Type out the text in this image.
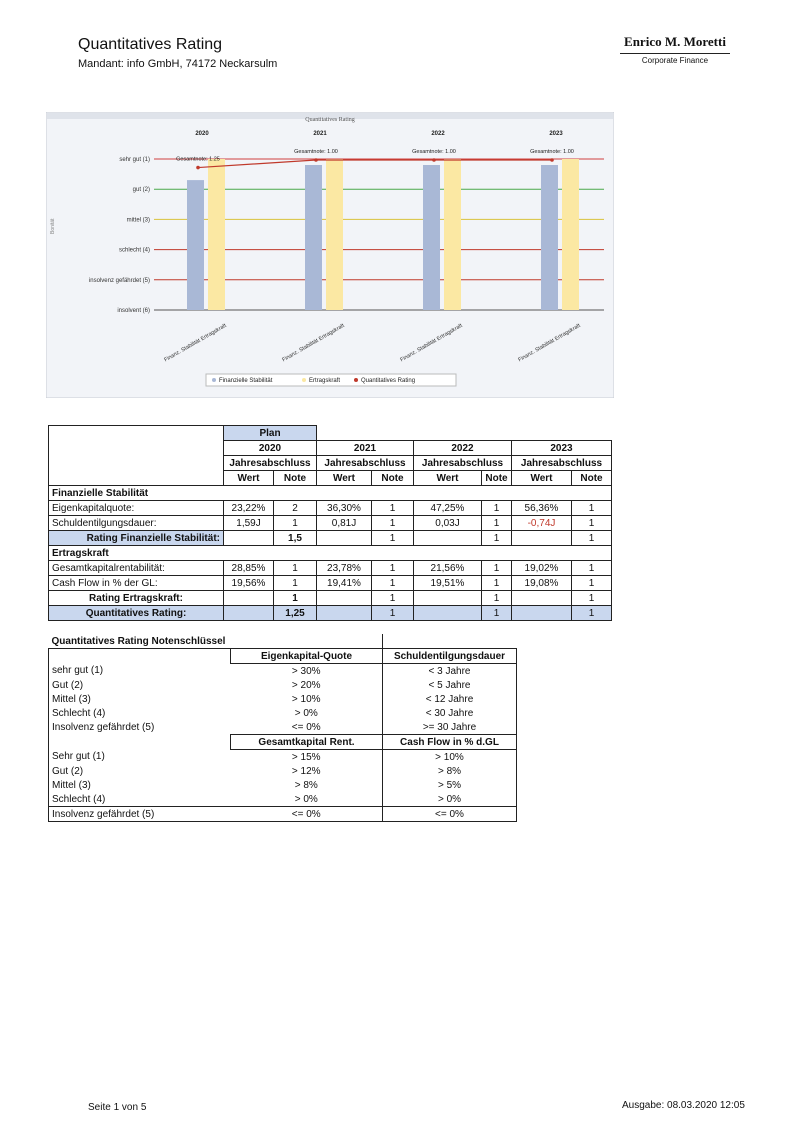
Quantitatives Rating
Mandant: info GmbH, 74172 Neckarsulm
Enrico M. Moretti
Corporate Finance
Quantitatives Rating
sehr gut (1)
gut (2)
mittel (3)
schlecht (4)
insolvenz gefährdet (5)
insolvent (6)
Bonität
2020
Gesamtnote: 1.25
Finanz. Stabilität Ertragskraft
2021
Gesamtnote: 1.00
Finanz. Stabilität Ertragskraft
2022
Gesamtnote: 1.00
Finanz. Stabilität Ertragskraft
2023
Gesamtnote: 1.00
Finanz. Stabilität Ertragskraft
Finanzielle Stabilität	Ertragskraft	Quantitatives Rating
	Plan							
	2020		2021		2022		2023	
	Jahresabschluss		Jahresabschluss		Jahresabschluss		Jahresabschluss	
	Wert	Note	Wert	Note	Wert	Note	Wert	Note
Finanzielle Stabilität								
Eigenkapitalquote:	23,22%	2	36,30%	1	47,25%	1	56,36%	1
Schuldentilgungsdauer:	1,59J	1	0,81J	1	0,03J	1	-0,74J	1
Rating Finanzielle Stabilität:		1,5		1		1		1
Ertragskraft								
Gesamtkapitalrentabilität:	28,85%	1	23,78%	1	21,56%	1	19,02%	1
Cash Flow in % der GL:	19,56%	1	19,41%	1	19,51%	1	19,08%	1
Rating Ertragskraft:		1		1		1		1
Quantitatives Rating:		1,25		1		1		1
Quantitatives Rating Notenschlüssel		
	Eigenkapital-Quote	Schuldentilgungsdauer
sehr gut (1)	> 30%	< 3 Jahre
Gut (2)	> 20%	< 5 Jahre
Mittel (3)	> 10%	< 12 Jahre
Schlecht (4)	> 0%	< 30 Jahre
Insolvenz gefährdet (5)	<= 0%	>= 30 Jahre
	Gesamtkapital Rent.	Cash Flow in % d.GL
Sehr gut (1)	> 15%	> 10%
Gut (2)	> 12%	> 8%
Mittel (3)	> 8%	> 5%
Schlecht (4)	> 0%	> 0%
Insolvenz gefährdet (5)	<= 0%	<= 0%
Seite 1 von 5	Ausgabe: 08.03.2020 12:05
